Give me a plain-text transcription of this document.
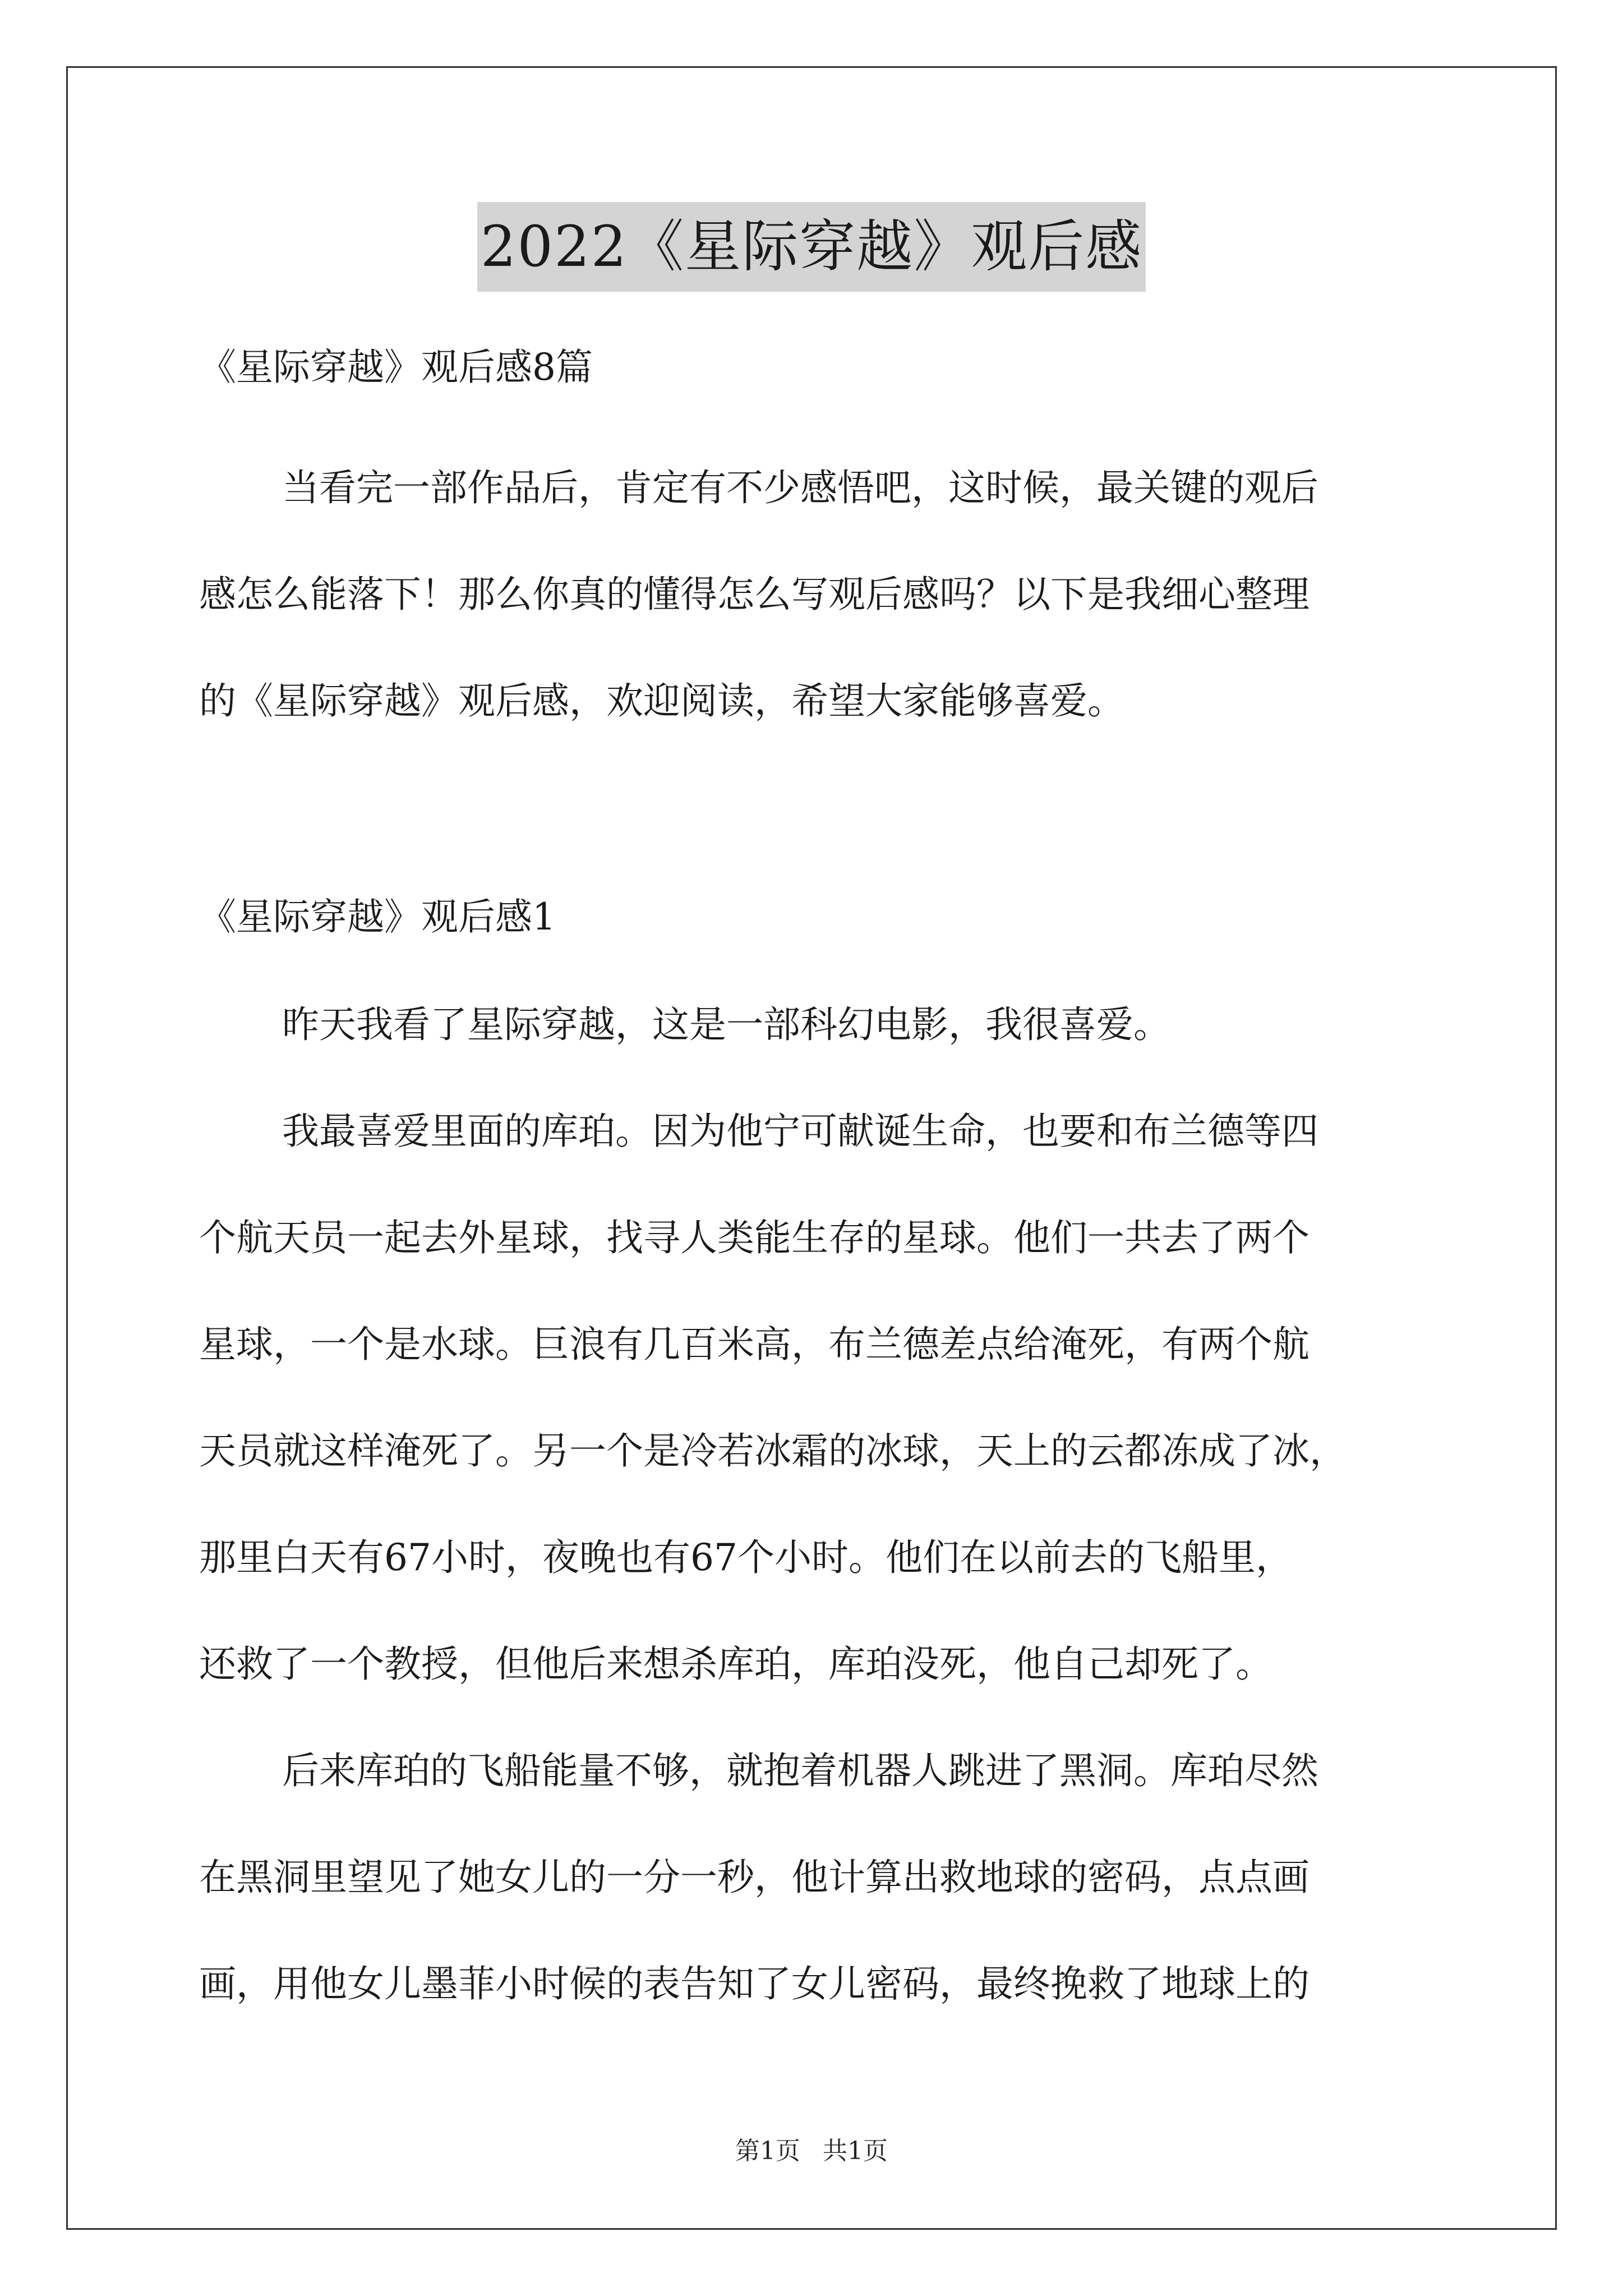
2022《星际穿越》观后感
《星际穿越》观后感8篇
当看完一部作品后，肯定有不少感悟吧，这时候，最关键的观后
感怎么能落下！那么你真的懂得怎么写观后感吗？以下是我细心整理
的《星际穿越》观后感，欢迎阅读，希望大家能够喜爱。
《星际穿越》观后感1
昨天我看了星际穿越，这是一部科幻电影，我很喜爱。
我最喜爱里面的库珀。因为他宁可献诞生命，也要和布兰德等四
个航天员一起去外星球，找寻人类能生存的星球。他们一共去了两个
星球，一个是水球。巨浪有几百米高，布兰德差点给淹死，有两个航
天员就这样淹死了。另一个是冷若冰霜的冰球，天上的云都冻成了冰，
那里白天有67小时，夜晚也有67个小时。他们在以前去的飞船里，
还救了一个教授，但他后来想杀库珀，库珀没死，他自己却死了。
后来库珀的飞船能量不够，就抱着机器人跳进了黑洞。库珀尽然
在黑洞里望见了她女儿的一分一秒，他计算出救地球的密码，点点画
画，用他女儿墨菲小时候的表告知了女儿密码，最终挽救了地球上的
第1页 共1页
